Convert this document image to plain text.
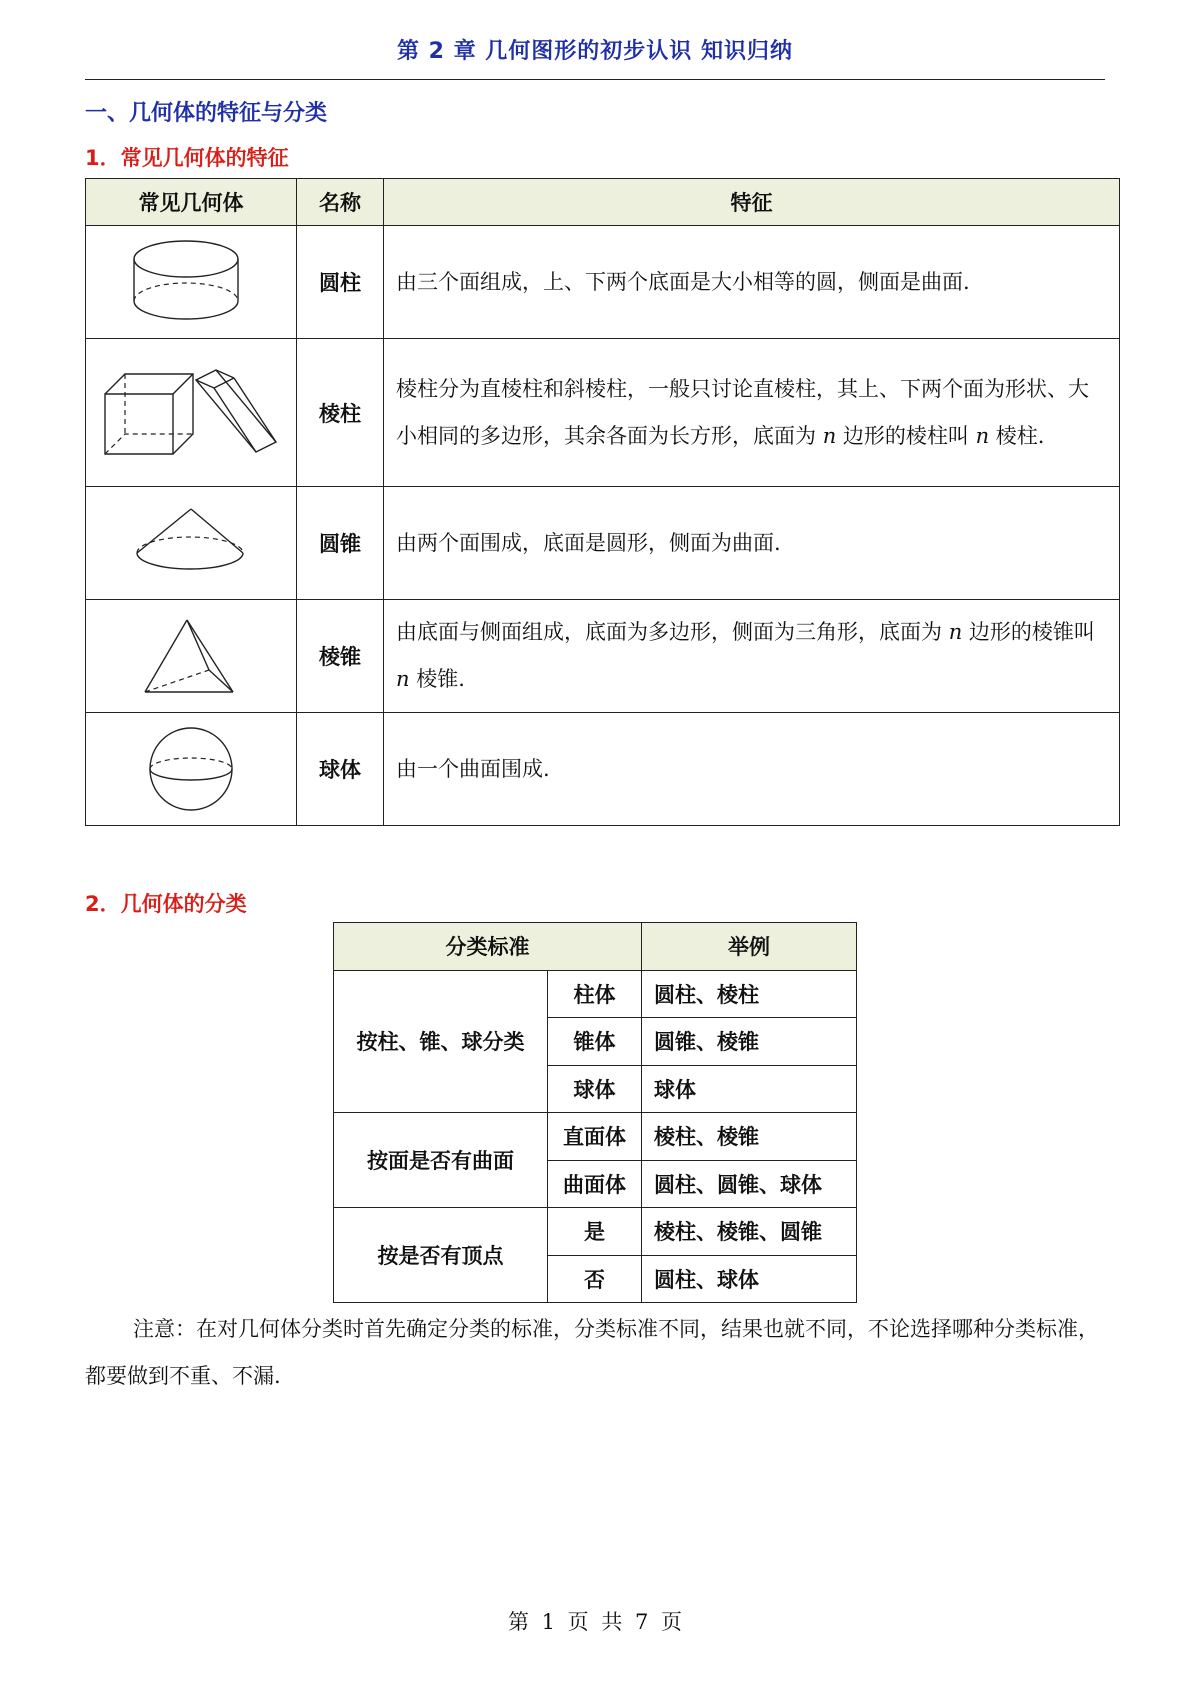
第 2 章 几何图形的初步认识 知识归纳
一、几何体的特征与分类
1．常见几何体的特征
常见几何体	名称	特征

	圆柱	由三个面组成，上、下两个底面是大小相等的圆，侧面是曲面.

	棱柱	棱柱分为直棱柱和斜棱柱，一般只讨论直棱柱，其上、下两个面为形状、大小相同的多边形，其余各面为长方形，底面为 n 边形的棱柱叫 n 棱柱.

	圆锥	由两个面围成，底面是圆形，侧面为曲面.

	棱锥	由底面与侧面组成，底面为多边形，侧面为三角形，底面为 n 边形的棱锥叫 n 棱锥.

	球体	由一个曲面围成.
2．几何体的分类
分类标准		举例
按柱、锥、球分类	柱体	圆柱、棱柱
	锥体	圆锥、棱锥
	球体	球体
按面是否有曲面	直面体	棱柱、棱锥
	曲面体	圆柱、圆锥、球体
按是否有顶点	是	棱柱、棱锥、圆锥
	否	圆柱、球体
注意：在对几何体分类时首先确定分类的标准，分类标准不同，结果也就不同，不论选择哪种分类标准，都要做到不重、不漏.
第 1 页 共 7 页
